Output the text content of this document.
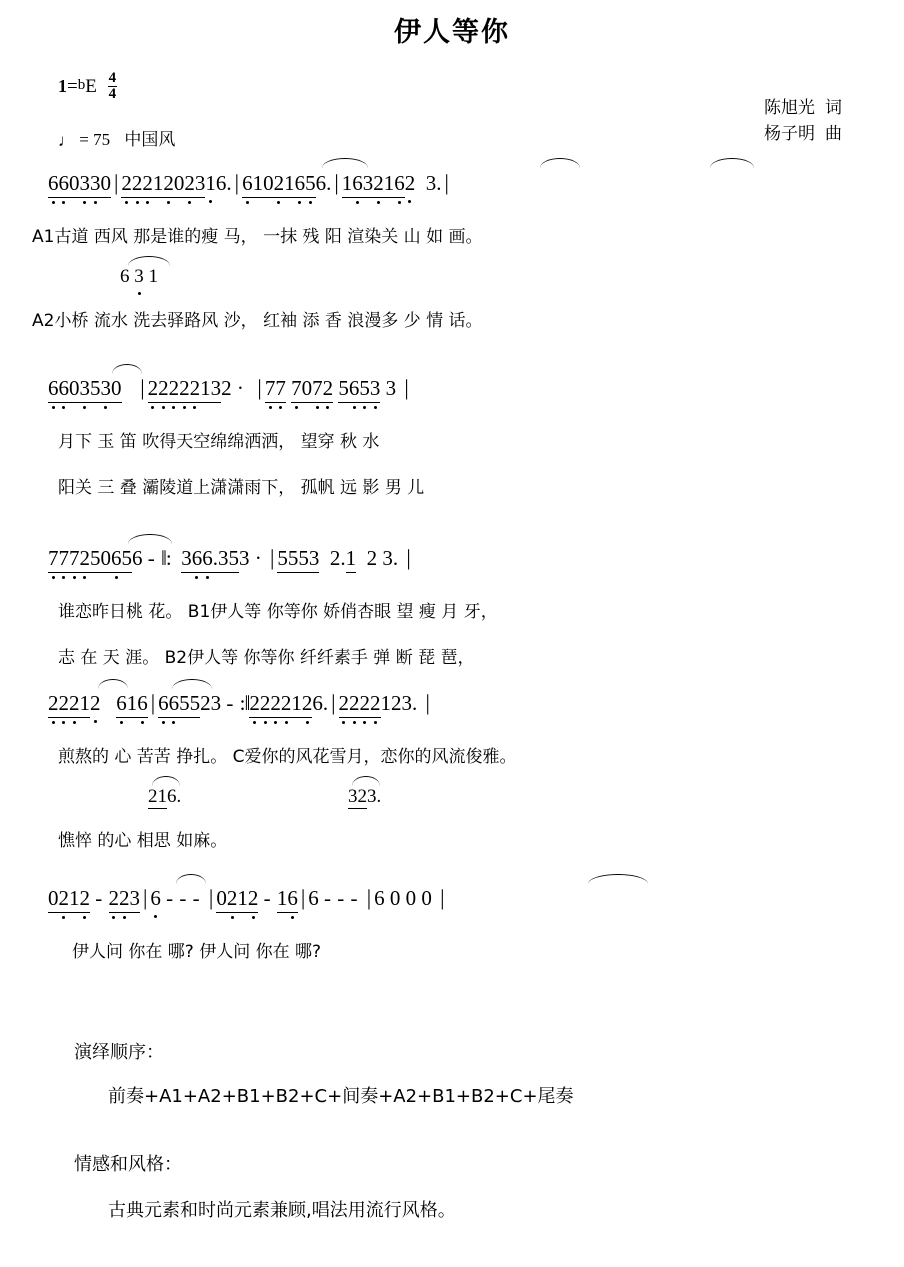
伊人等你
$1=bE \frac{4}{4}$
♩ = 75 中国风
陈旭光 词
杨子明 曲
660330 | 2221202316. | 61021656. | 1632162 3. |
A1古道 西风 那是谁的瘦 马， 一抹 残 阳 渲染关 山 如 画。
6 3 1
A2小桥 流水 洗去驿路风 沙， 红袖 添 香 浪漫多 少 情 话。
6603530 | 22222132 · | 77 7072 5653 3 |
月下 玉 笛 吹得天空绵绵洒洒， 望穿 秋 水
阳关 三 叠 灞陵道上潇潇雨下， 孤帆 远 影 男 儿
777250656 - ‖: 366.353 · | 5553 2.1 2 3. |
谁恋昨日桃 花。 B1伊人等 你等你 娇俏杏眼 望 瘦 月 牙，
志 在 天 涯。 B2伊人等 你等你 纤纤素手 弹 断 琵 琶，
22212 616 | 665523 - :‖2222126. | 2222123. |
煎熬的 心 苦苦 挣扎。 C爱你的风花雪月，恋你的风流俊雅。
216.	323.
憔悴 的心 相思 如麻。
0212 - 223 | 6 - - - | 0212 - 16 | 6 - - - | 6 0 0 0 |
伊人问 你在 哪? 伊人问 你在 哪?
演绎顺序：
前奏+A1+A2+B1+B2+C+间奏+A2+B1+B2+C+尾奏
情感和风格：
古典元素和时尚元素兼顾,唱法用流行风格。
